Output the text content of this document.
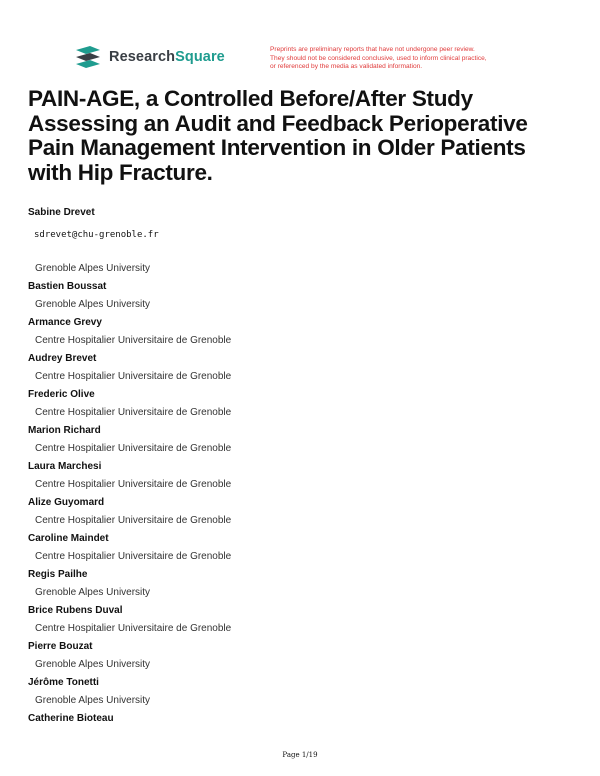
ResearchSquare	Preprints are preliminary reports that have not undergone peer review.
They should not be considered conclusive, used to inform clinical practice,
or referenced by the media as validated information.
PAIN-AGE, a Controlled Before/After Study Assessing an Audit and Feedback Perioperative Pain Management Intervention in Older Patients with Hip Fracture.
Sabine Drevet
sdrevet@chu-grenoble.fr
Grenoble Alpes University
Bastien Boussat
Grenoble Alpes University
Armance Grevy
Centre Hospitalier Universitaire de Grenoble
Audrey Brevet
Centre Hospitalier Universitaire de Grenoble
Frederic Olive
Centre Hospitalier Universitaire de Grenoble
Marion Richard
Centre Hospitalier Universitaire de Grenoble
Laura Marchesi
Centre Hospitalier Universitaire de Grenoble
Alize Guyomard
Centre Hospitalier Universitaire de Grenoble
Caroline Maindet
Centre Hospitalier Universitaire de Grenoble
Regis Pailhe
Grenoble Alpes University
Brice Rubens Duval
Centre Hospitalier Universitaire de Grenoble
Pierre Bouzat
Grenoble Alpes University
Jérôme Tonetti
Grenoble Alpes University
Catherine Bioteau
Page 1/19
